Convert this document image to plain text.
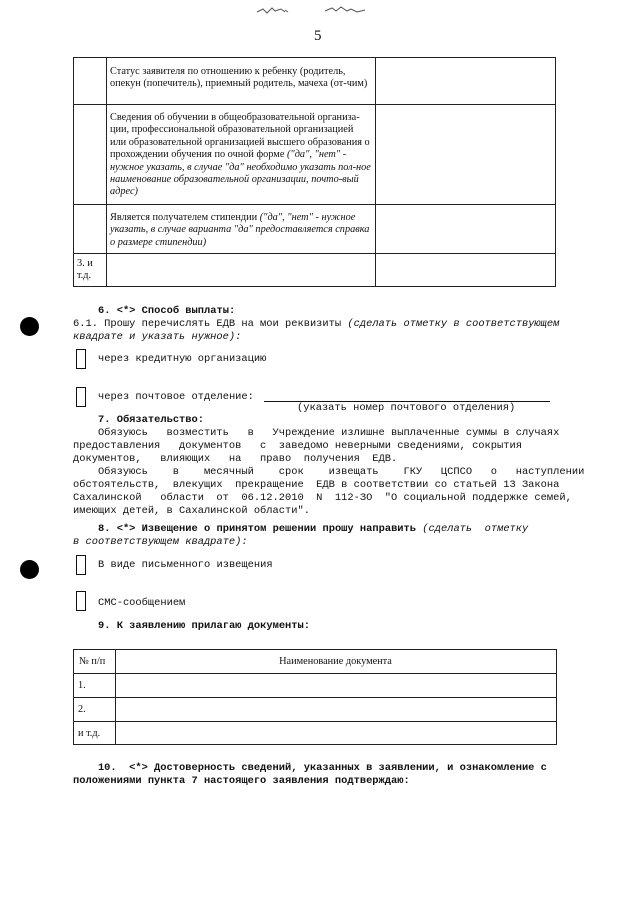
5
Статус заявителя по отношению к ребенку (родитель, опекун (попечитель), приемный родитель, мачеха (от-чим)
Сведения об обучении в общеобразовательной организа-ции, профессиональной образовательной организацией или образовательной организацией высшего образования о прохождении обучения по очной форме ("да", "нет" - нужное указать, в случае "да" необходимо указать пол-ное наименование образовательной организации, почто-вый адрес)
Является получателем стипендии ("да", "нет" - нужное указать, в случае варианта "да" предоставляется справка о размере стипендии)
3. и т.д.
6. <*> Способ выплаты:
6.1. Прошу перечислять ЕДВ на мои реквизиты (сделать отметку в соответствующем
квадрате и указать нужное):
через кредитную организацию
через почтовое отделение:
(указать номер почтового отделения)
7. Обязательство:
Обязуюсь   возместить   в   Учреждение излишне выплаченные суммы в случаях
предоставления   документов   с  заведомо неверными сведениями, сокрытия
документов,   влияющих   на   право  получения  ЕДВ.
Обязуюсь    в    месячный    срок    извещать    ГКУ   ЦСПСО   о   наступлении
обстоятельств,  влекущих  прекращение  ЕДВ в соответствии со статьей 13 Закона
Сахалинской   области  от  06.12.2010  N  112-ЗО  "О социальной поддержке семей,
имеющих детей, в Сахалинской области".
8. <*> Извещение о принятом решении прошу направить (сделать  отметку
в соответствующем квадрате):
В виде письменного извещения
СМС-сообщением
9. К заявлению прилагаю документы:
№ п/п	Наименование документа
1.
2.
и т.д.
10.  <*> Достоверность сведений, указанных в заявлении, и ознакомление с
положениями пункта 7 настоящего заявления подтверждаю:
